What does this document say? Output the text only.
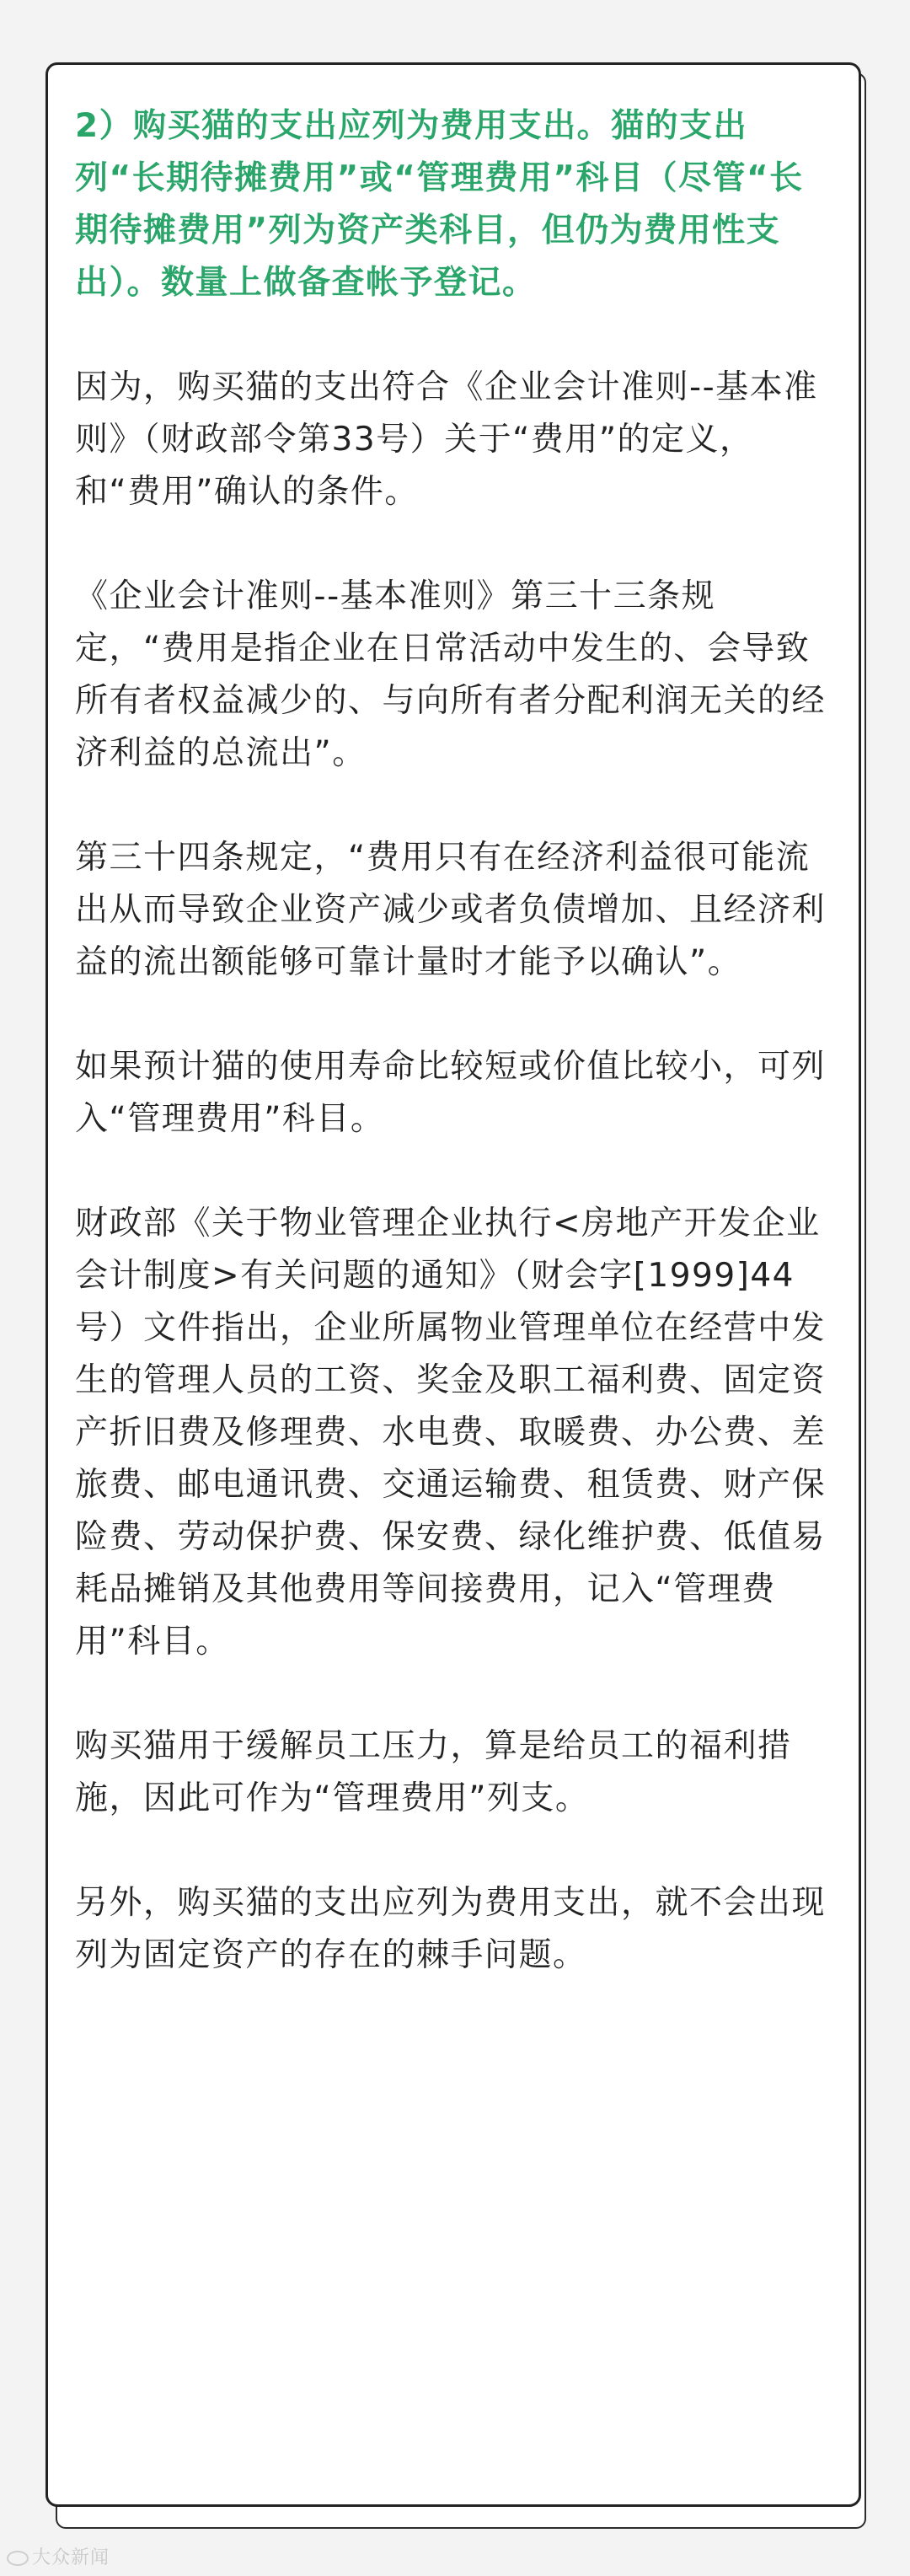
2）购买猫的支出应列为费用支出。猫的支出列“长期待摊费用”或“管理费用”科目（尽管“长期待摊费用”列为资产类科目，但仍为费用性支出）。数量上做备查帐予登记。

因为，购买猫的支出符合《企业会计准则--基本准则》（财政部令第33号）关于“费用”的定义，和“费用”确认的条件。

《企业会计准则--基本准则》第三十三条规定，“费用是指企业在日常活动中发生的、会导致所有者权益减少的、与向所有者分配利润无关的经济利益的总流出”。

第三十四条规定，“费用只有在经济利益很可能流出从而导致企业资产减少或者负债增加、且经济利益的流出额能够可靠计量时才能予以确认”。

如果预计猫的使用寿命比较短或价值比较小，可列入“管理费用”科目。

财政部《关于物业管理企业执行<房地产开发企业会计制度>有关问题的通知》（财会字[1999]44号）文件指出，企业所属物业管理单位在经营中发生的管理人员的工资、奖金及职工福利费、固定资产折旧费及修理费、水电费、取暖费、办公费、差旅费、邮电通讯费、交通运输费、租赁费、财产保险费、劳动保护费、保安费、绿化维护费、低值易耗品摊销及其他费用等间接费用，记入“管理费用”科目。

购买猫用于缓解员工压力，算是给员工的福利措施，因此可作为“管理费用”列支。

另外，购买猫的支出应列为费用支出，就不会出现列为固定资产的存在的棘手问题。

大众新闻
